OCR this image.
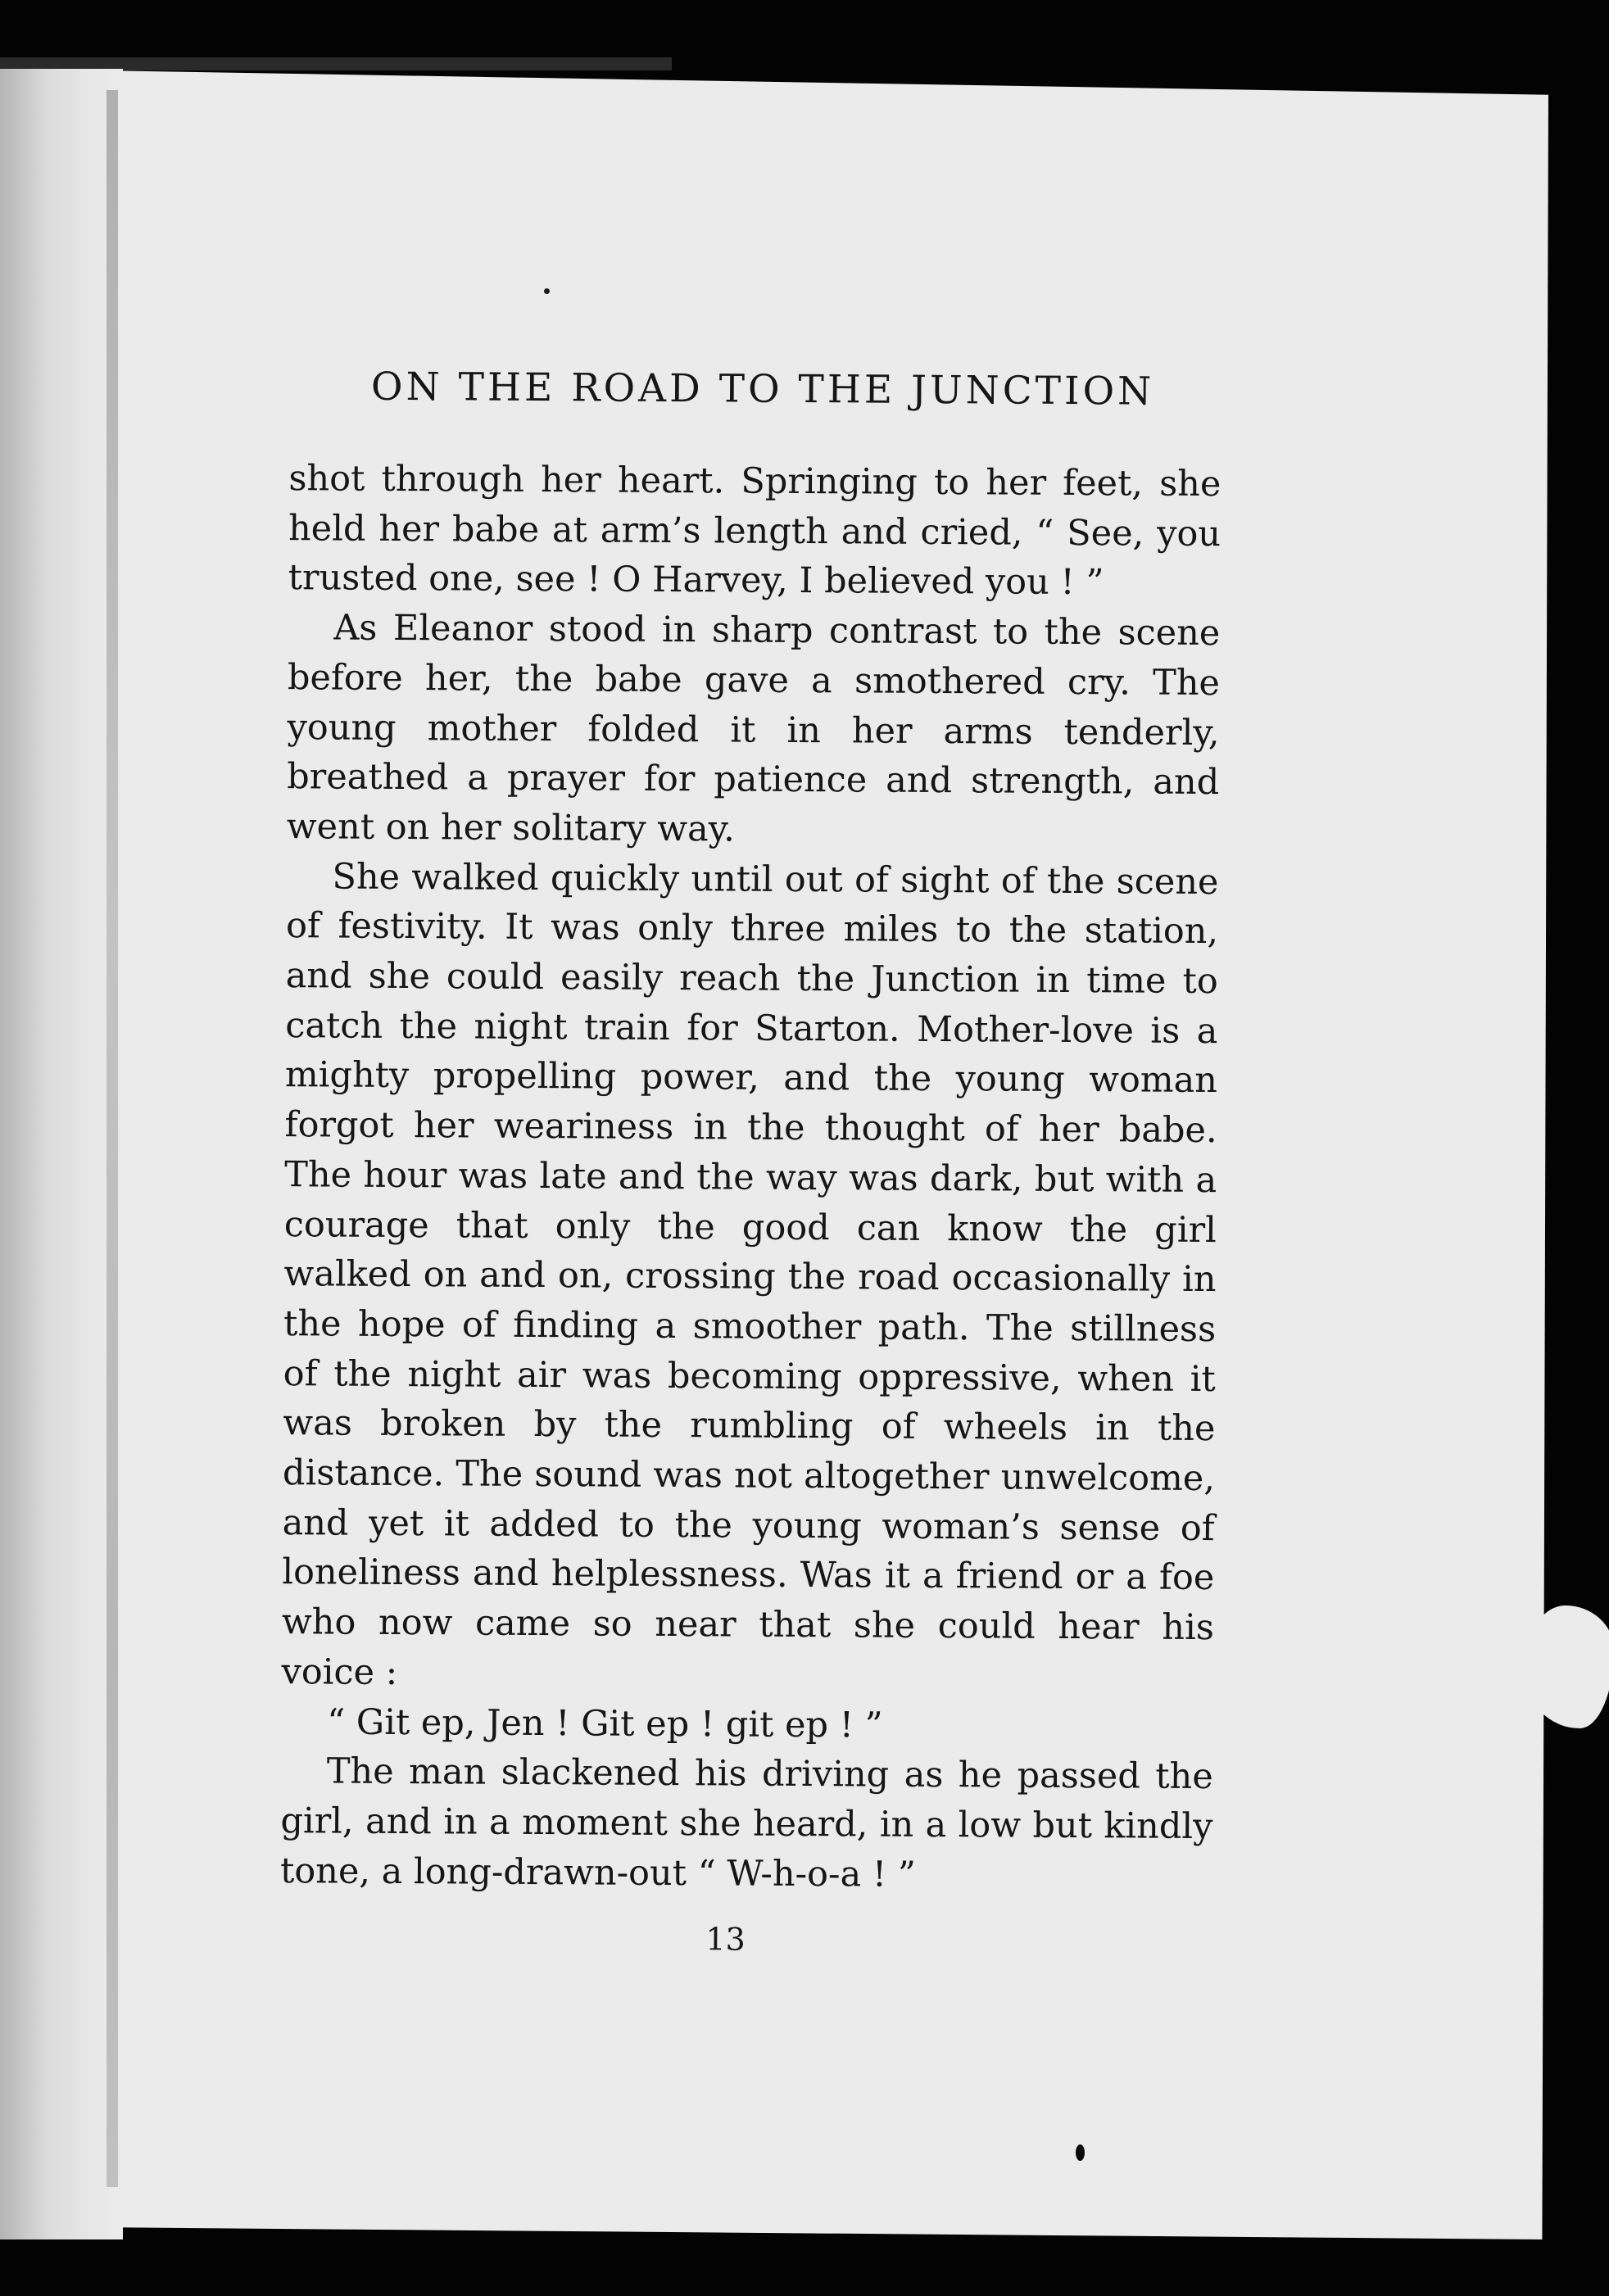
ON THE ROAD TO THE JUNCTION

shot through her heart. Springing to her feet, she held her babe at arm’s length and cried, “ See, you trusted one, see ! O Harvey, I believed you ! ”

As Eleanor stood in sharp contrast to the scene before her, the babe gave a smothered cry. The young mother folded it in her arms tenderly, breathed a prayer for patience and strength, and went on her solitary way.

She walked quickly until out of sight of the scene of festivity. It was only three miles to the station, and she could easily reach the Junction in time to catch the night train for Starton. Mother-love is a mighty propelling power, and the young woman forgot her weariness in the thought of her babe. The hour was late and the way was dark, but with a courage that only the good can know the girl walked on and on, crossing the road occasionally in the hope of finding a smoother path. The stillness of the night air was becoming oppressive, when it was broken by the rumbling of wheels in the distance. The sound was not altogether unwelcome, and yet it added to the young woman’s sense of loneliness and helplessness. Was it a friend or a foe who now came so near that she could hear his voice :

“ Git ep, Jen ! Git ep ! git ep ! ”

The man slackened his driving as he passed the girl, and in a moment she heard, in a low but kindly tone, a long-drawn-out “ W-h-o-a ! ”

13
